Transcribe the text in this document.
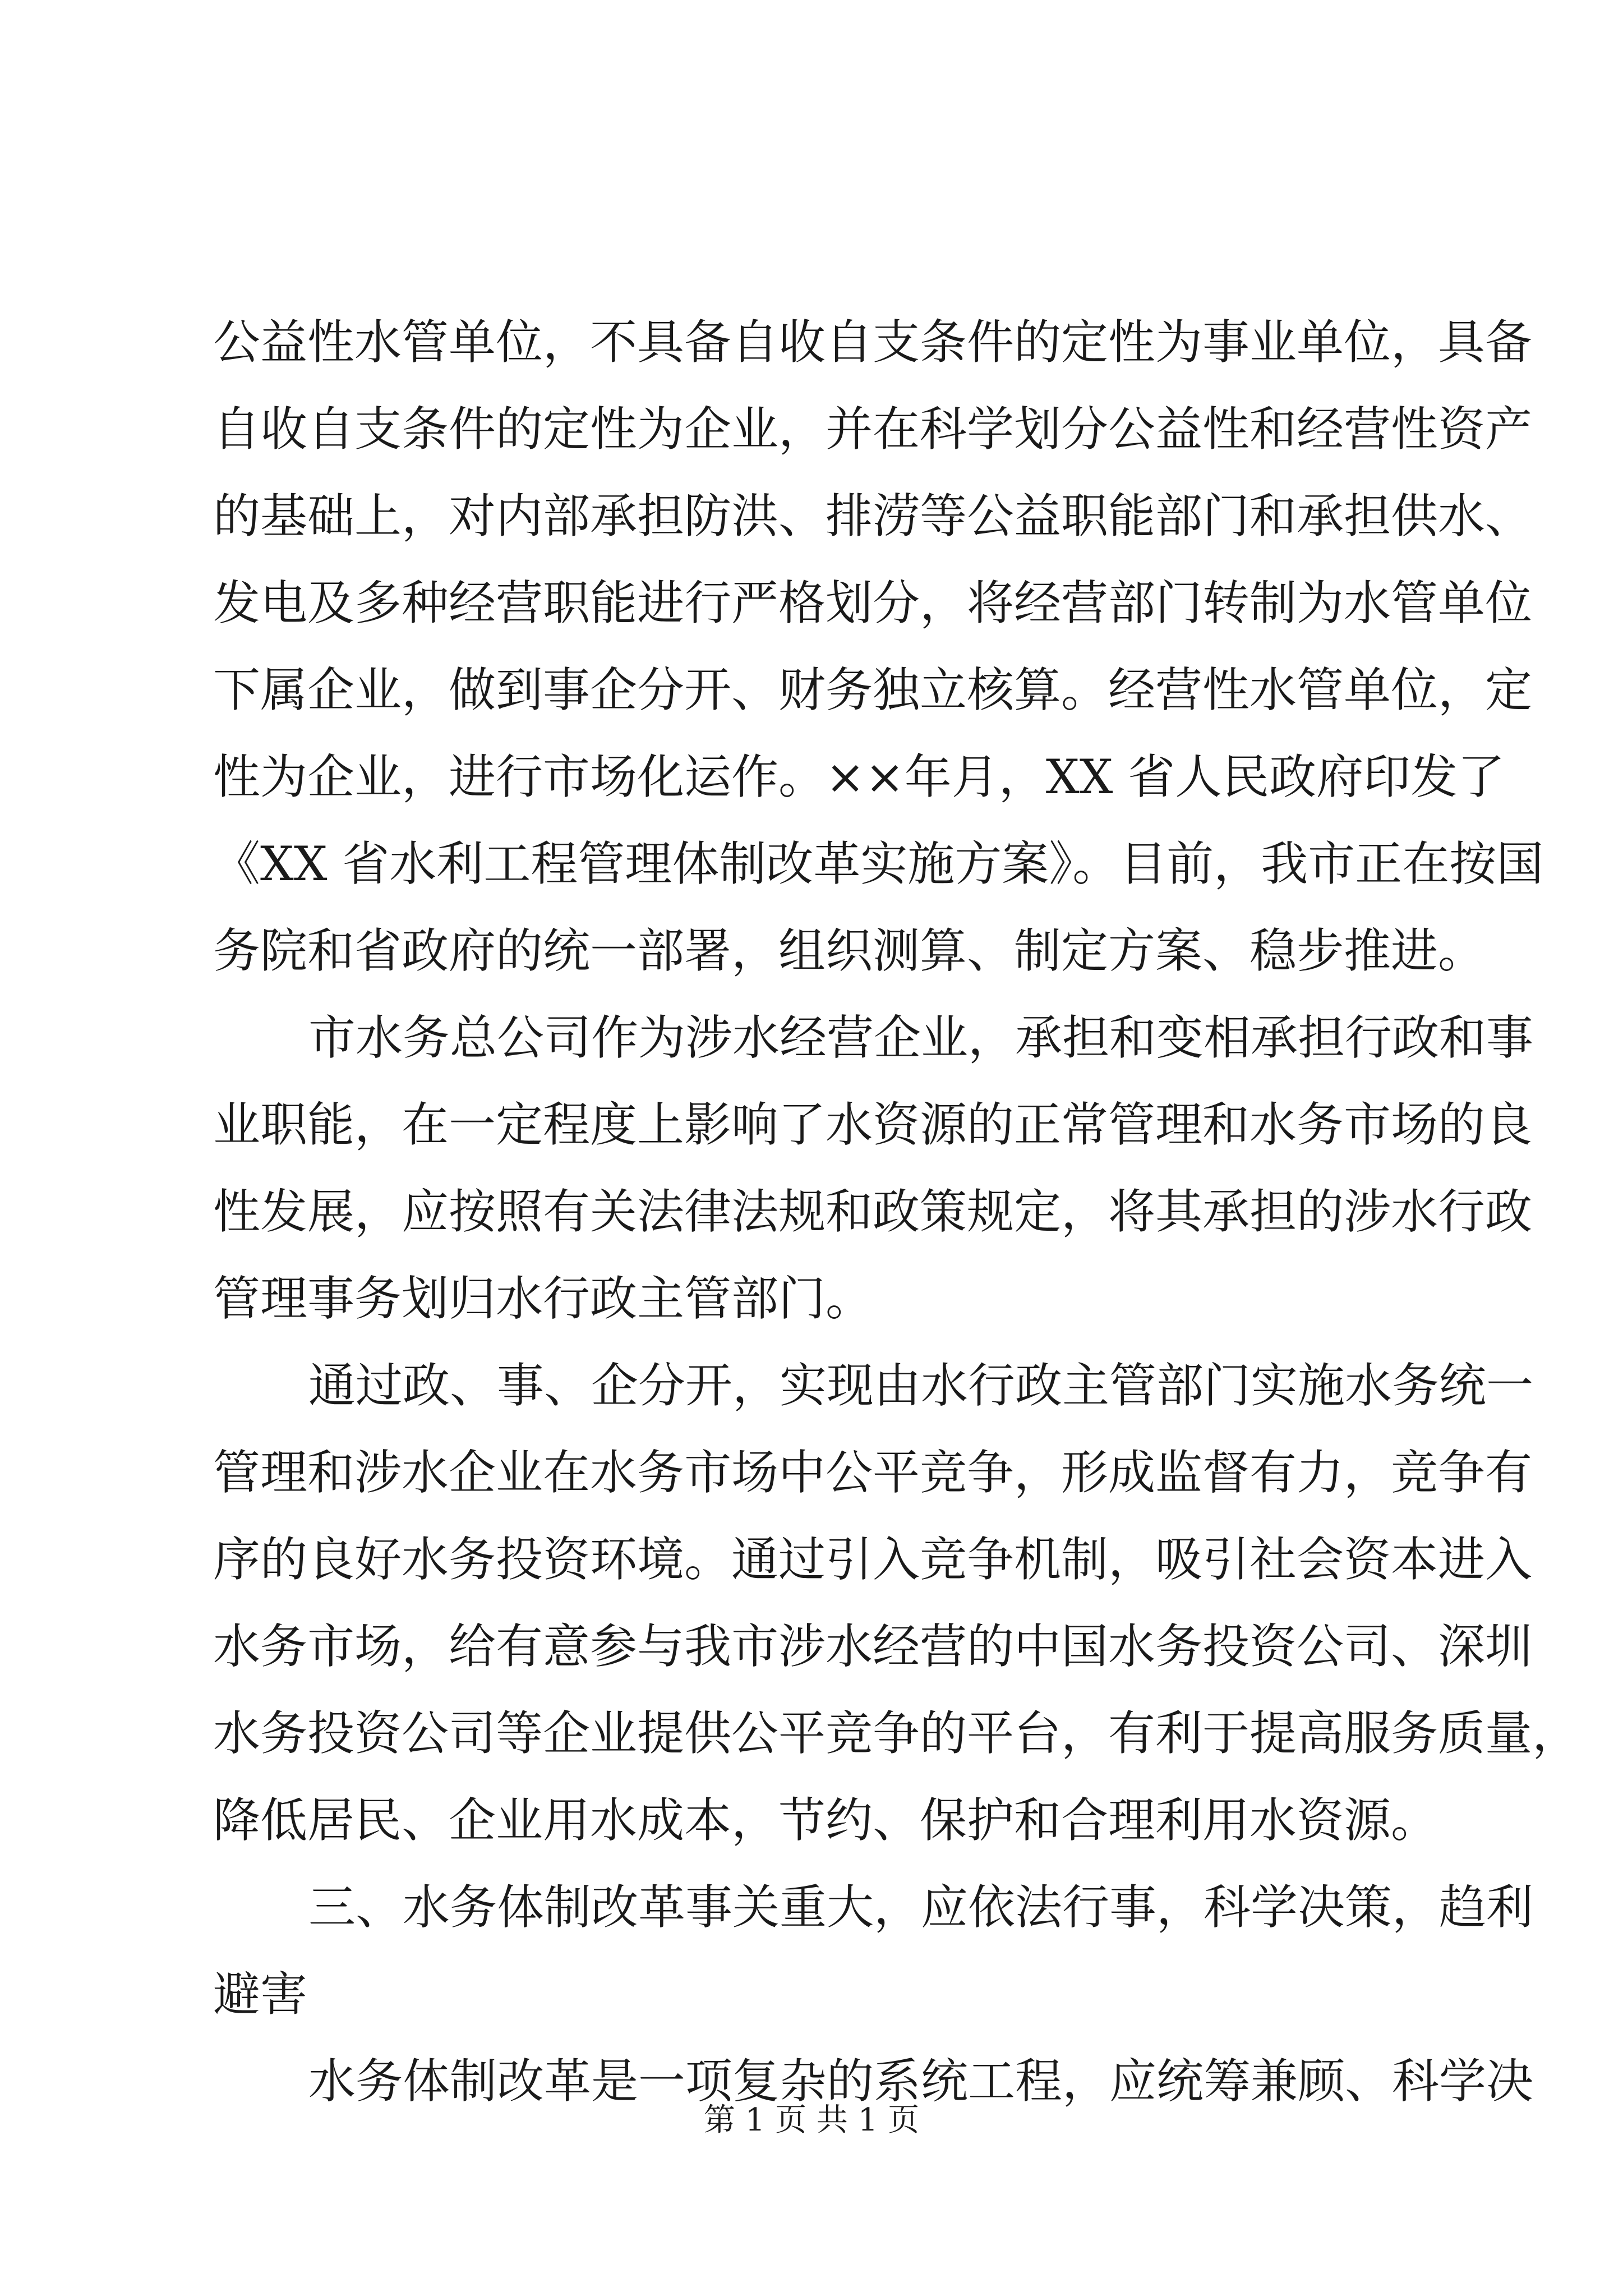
公益性水管单位，不具备自收自支条件的定性为事业单位，具备
自收自支条件的定性为企业，并在科学划分公益性和经营性资产
的基础上，对内部承担防洪、排涝等公益职能部门和承担供水、
发电及多种经营职能进行严格划分，将经营部门转制为水管单位
下属企业，做到事企分开、财务独立核算。经营性水管单位，定
性为企业，进行市场化运作。××年月，XX 省人民政府印发了
《XX 省水利工程管理体制改革实施方案》。目前，我市正在按国
务院和省政府的统一部署，组织测算、制定方案、稳步推进。
市水务总公司作为涉水经营企业，承担和变相承担行政和事
业职能，在一定程度上影响了水资源的正常管理和水务市场的良
性发展，应按照有关法律法规和政策规定，将其承担的涉水行政
管理事务划归水行政主管部门。
通过政、事、企分开，实现由水行政主管部门实施水务统一
管理和涉水企业在水务市场中公平竞争，形成监督有力，竞争有
序的良好水务投资环境。通过引入竞争机制，吸引社会资本进入
水务市场，给有意参与我市涉水经营的中国水务投资公司、深圳
水务投资公司等企业提供公平竞争的平台，有利于提高服务质量，
降低居民、企业用水成本，节约、保护和合理利用水资源。
三、水务体制改革事关重大，应依法行事，科学决策，趋利
避害
水务体制改革是一项复杂的系统工程，应统筹兼顾、科学决
第 1 页 共 1 页
